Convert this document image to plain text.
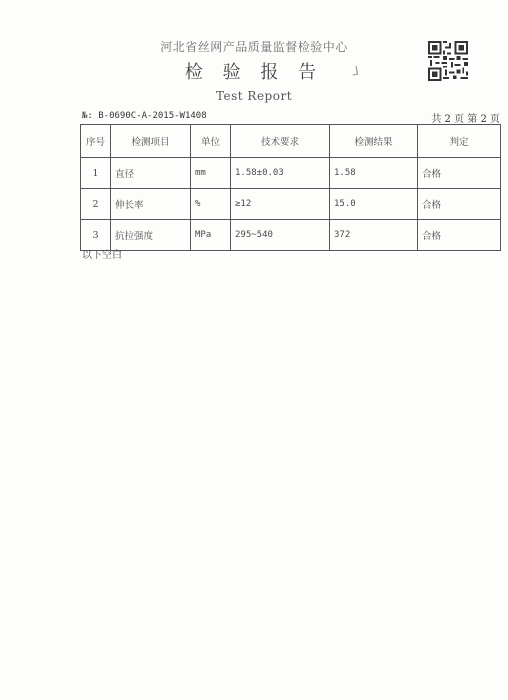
河北省丝网产品质量监督检验中心
检 验 报 告	⅃
Test Report
№: B-0690C-A-2015-W1408	共 2 页 第 2 页
序号	检测项目	单位	技术要求	检测结果	判定
1	直径	mm	1.58±0.03	1.58	合格
2	伸长率	%	≥12	15.0	合格
3	抗拉强度	MPa	295~540	372	合格
以下空白
